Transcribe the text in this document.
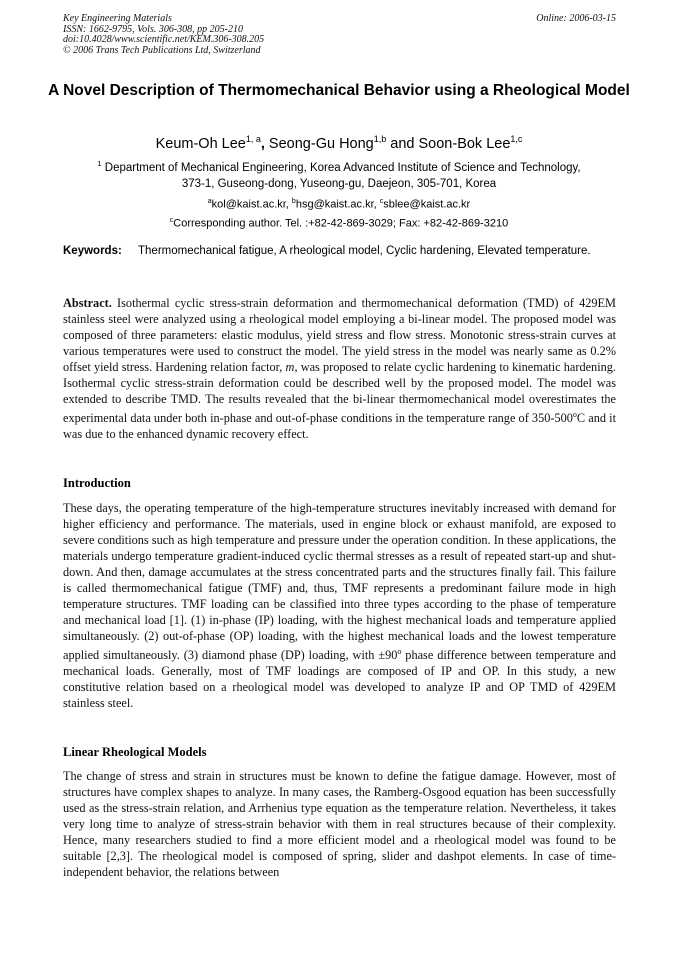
Key Engineering Materials
ISSN: 1662-9795, Vols. 306-308, pp 205-210
doi:10.4028/www.scientific.net/KEM.306-308.205
© 2006 Trans Tech Publications Ltd, Switzerland
Online: 2006-03-15
A Novel Description of Thermomechanical Behavior using a Rheological Model
Keum-Oh Lee$^{1, a}$, Seong-Gu Hong$^{1,b}$ and Soon-Bok Lee$^{1,c}$
$^1$ Department of Mechanical Engineering, Korea Advanced Institute of Science and Technology,
373-1, Guseong-dong, Yuseong-gu, Daejeon, 305-701, Korea
$^a$kol@kaist.ac.kr, $^b$hsg@kaist.ac.kr, $^c$sblee@kaist.ac.kr
$^c$Corresponding author. Tel. :+82-42-869-3029; Fax: +82-42-869-3210
Keywords: Thermomechanical fatigue, A rheological model, Cyclic hardening, Elevated temperature.
Abstract. Isothermal cyclic stress-strain deformation and thermomechanical deformation (TMD) of 429EM stainless steel were analyzed using a rheological model employing a bi-linear model. The proposed model was composed of three parameters: elastic modulus, yield stress and flow stress. Monotonic stress-strain curves at various temperatures were used to construct the model. The yield stress in the model was nearly same as 0.2% offset yield stress. Hardening relation factor, m, was proposed to relate cyclic hardening to kinematic hardening. Isothermal cyclic stress-strain deformation could be described well by the proposed model. The model was extended to describe TMD. The results revealed that the bi-linear thermomechanical model overestimates the experimental data under both in-phase and out-of-phase conditions in the temperature range of 350-500$^o$C and it was due to the enhanced dynamic recovery effect.
Introduction
These days, the operating temperature of the high-temperature structures inevitably increased with demand for higher efficiency and performance. The materials, used in engine block or exhaust manifold, are exposed to severe conditions such as high temperature and pressure under the operation condition. In these applications, the materials undergo temperature gradient-induced cyclic thermal stresses as a result of repeated start-up and shut-down. And then, damage accumulates at the stress concentrated parts and the structures finally fail. This failure is called thermomechanical fatigue (TMF) and, thus, TMF represents a predominant failure mode in high temperature structures. TMF loading can be classified into three types according to the phase of temperature and mechanical load [1]. (1) in-phase (IP) loading, with the highest mechanical loads and temperature applied simultaneously. (2) out-of-phase (OP) loading, with the highest mechanical loads and the lowest temperature applied simultaneously. (3) diamond phase (DP) loading, with $\pm 90^o$ phase difference between temperature and mechanical loads. Generally, most of TMF loadings are composed of IP and OP. In this study, a new constitutive relation based on a rheological model was developed to analyze IP and OP TMD of 429EM stainless steel.
Linear Rheological Models
The change of stress and strain in structures must be known to define the fatigue damage. However, most of structures have complex shapes to analyze. In many cases, the Ramberg-Osgood equation has been successfully used as the stress-strain relation, and Arrhenius type equation as the temperature relation. Nevertheless, it takes very long time to analyze of stress-strain behavior with them in real structures because of their complexity. Hence, many researchers studied to find a more efficient model and a rheological model was found to be suitable [2,3]. The rheological model is composed of spring, slider and dashpot elements. In case of time-independent behavior, the relations between
